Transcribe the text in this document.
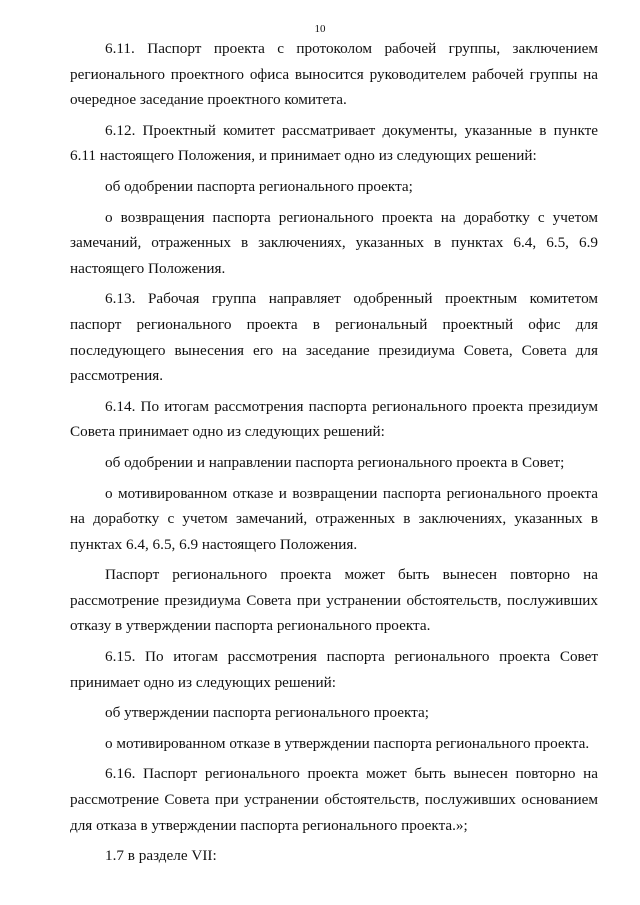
10

6.11. Паспорт проекта с протоколом рабочей группы, заключением регионального проектного офиса выносится руководителем рабочей группы на очередное заседание проектного комитета.

6.12. Проектный комитет рассматривает документы, указанные в пункте 6.11 настоящего Положения, и принимает одно из следующих решений:

об одобрении паспорта регионального проекта;

о возвращения паспорта регионального проекта на доработку с учетом замечаний, отраженных в заключениях, указанных в пунктах 6.4, 6.5, 6.9 настоящего Положения.

6.13. Рабочая группа направляет одобренный проектным комитетом паспорт регионального проекта в региональный проектный офис для последующего вынесения его на заседание президиума Совета, Совета для рассмотрения.

6.14. По итогам рассмотрения паспорта регионального проекта президиум Совета принимает одно из следующих решений:

об одобрении и направлении паспорта регионального проекта в Совет;

о мотивированном отказе и возвращении паспорта регионального проекта на доработку с учетом замечаний, отраженных в заключениях, указанных в пунктах 6.4, 6.5, 6.9 настоящего Положения.

Паспорт регионального проекта может быть вынесен повторно на рассмотрение президиума Совета при устранении обстоятельств, послуживших отказу в утверждении паспорта регионального проекта.

6.15. По итогам рассмотрения паспорта регионального проекта Совет принимает одно из следующих решений:

об утверждении паспорта регионального проекта;

о мотивированном отказе в утверждении паспорта регионального проекта.

6.16. Паспорт регионального проекта может быть вынесен повторно на рассмотрение Совета при устранении обстоятельств, послуживших основанием для отказа в утверждении паспорта регионального проекта.»;

1.7 в разделе VII:
